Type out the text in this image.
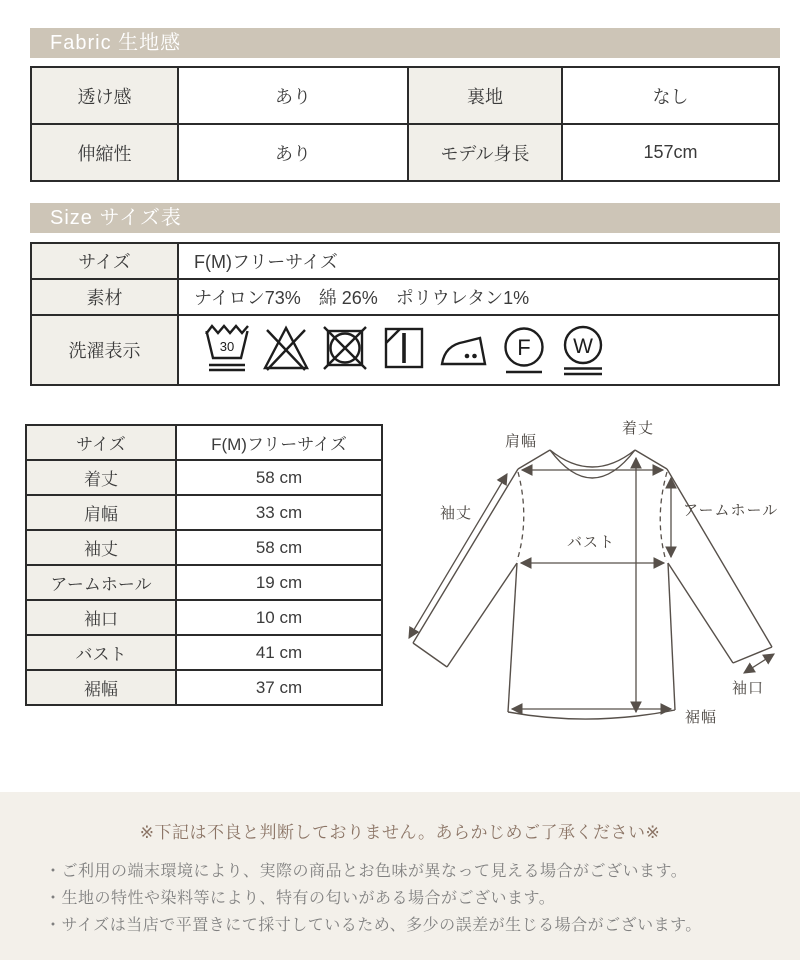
Fabric 生地感
透け感	あり	裏地	なし
伸縮性	あり	モデル身長	157cm
Size サイズ表
サイズ	F(M)フリーサイズ
素材	ナイロン73%　綿 26%　ポリウレタン1%
洗濯表示	30 F W
サイズ	F(M)フリーサイズ
着丈	58 cm
肩幅	33 cm
袖丈	58 cm
アームホール	19 cm
袖口	10 cm
バスト	41 cm
裾幅	37 cm
肩幅
着丈
袖丈	アームホール
バスト
袖口
裾幅
※下記は不良と判断しておりません。あらかじめご了承ください※
・ご利用の端末環境により、実際の商品とお色味が異なって見える場合がございます。
・生地の特性や染料等により、特有の匂いがある場合がございます。
・サイズは当店で平置きにて採寸しているため、多少の誤差が生じる場合がございます。
